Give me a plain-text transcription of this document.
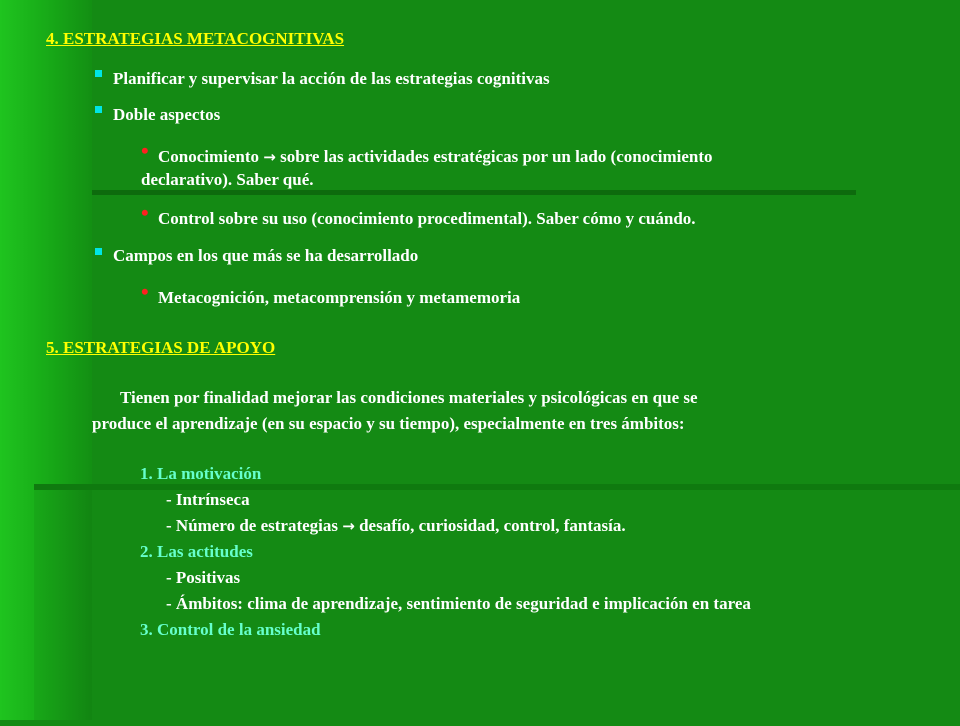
4. ESTRATEGIAS METACOGNITIVAS
Planificar y supervisar la acción de las estrategias cognitivas
Doble aspectos
• Conocimiento → sobre las actividades estratégicas por un lado (conocimiento
declarativo). Saber qué.
• Control sobre su uso (conocimiento procedimental). Saber cómo y cuándo.
Campos en los que más se ha desarrollado
• Metacognición, metacomprensión y metamemoria
5. ESTRATEGIAS DE APOYO
Tienen por finalidad mejorar las condiciones materiales y psicológicas en que se
produce el aprendizaje (en su espacio y su tiempo), especialmente en tres ámbitos:
1. La motivación
- Intrínseca
- Número de estrategias → desafío, curiosidad, control, fantasía.
2. Las actitudes
- Positivas
- Ámbitos: clima de aprendizaje, sentimiento de seguridad e implicación en tarea
3. Control de la ansiedad
